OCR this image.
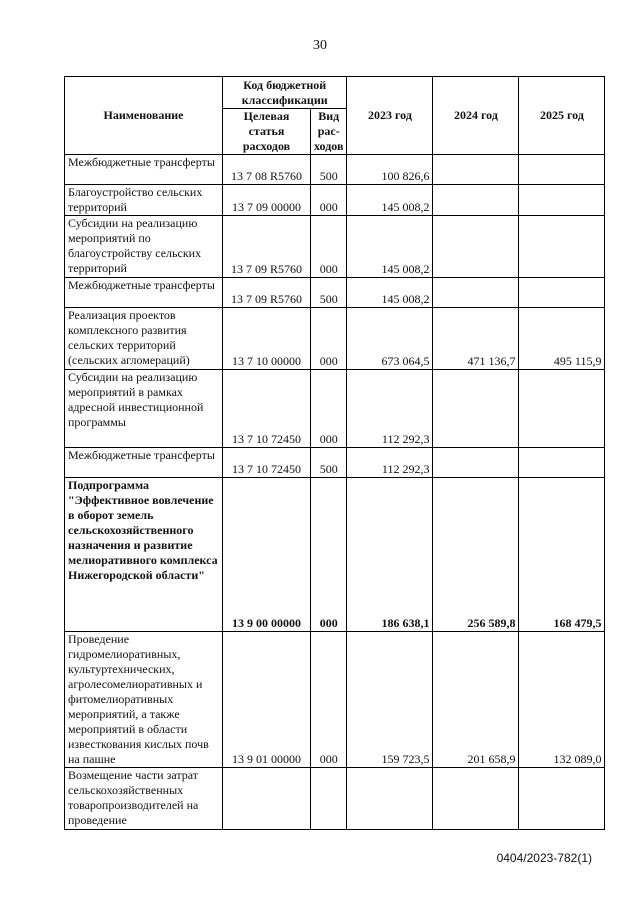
30
Наименование	Код бюджетной классификации		2023 год	2024 год	2025 год
	Целевая статья расходов	Вид рас-ходов			
Межбюджетные трансферты	13 7 08 R5760	500	100 826,6		
Благоустройство сельских территорий	13 7 09 00000	000	145 008,2		
Субсидии на реализацию мероприятий по благоустройству сельских территорий	13 7 09 R5760	000	145 008,2		
Межбюджетные трансферты	13 7 09 R5760	500	145 008,2		
Реализация проектов комплексного развития сельских территорий (сельских агломераций)	13 7 10 00000	000	673 064,5	471 136,7	495 115,9
Субсидии на реализацию мероприятий в рамках адресной инвестиционной программы	13 7 10 72450	000	112 292,3		
Межбюджетные трансферты	13 7 10 72450	500	112 292,3		
Подпрограмма "Эффективное вовлечение в оборот земель сельскохозяйственного назначения и развитие мелиоративного комплекса Нижегородской области"	13 9 00 00000	000	186 638,1	256 589,8	168 479,5
Проведение гидромелиоративных, культуртехнических, агролесомелиоративных и фитомелиоративных мероприятий, а также мероприятий в области известкования кислых почв на пашне	13 9 01 00000	000	159 723,5	201 658,9	132 089,0
Возмещение части затрат сельскохозяйственных товаропроизводителей на проведение					
0404/2023-782(1)
